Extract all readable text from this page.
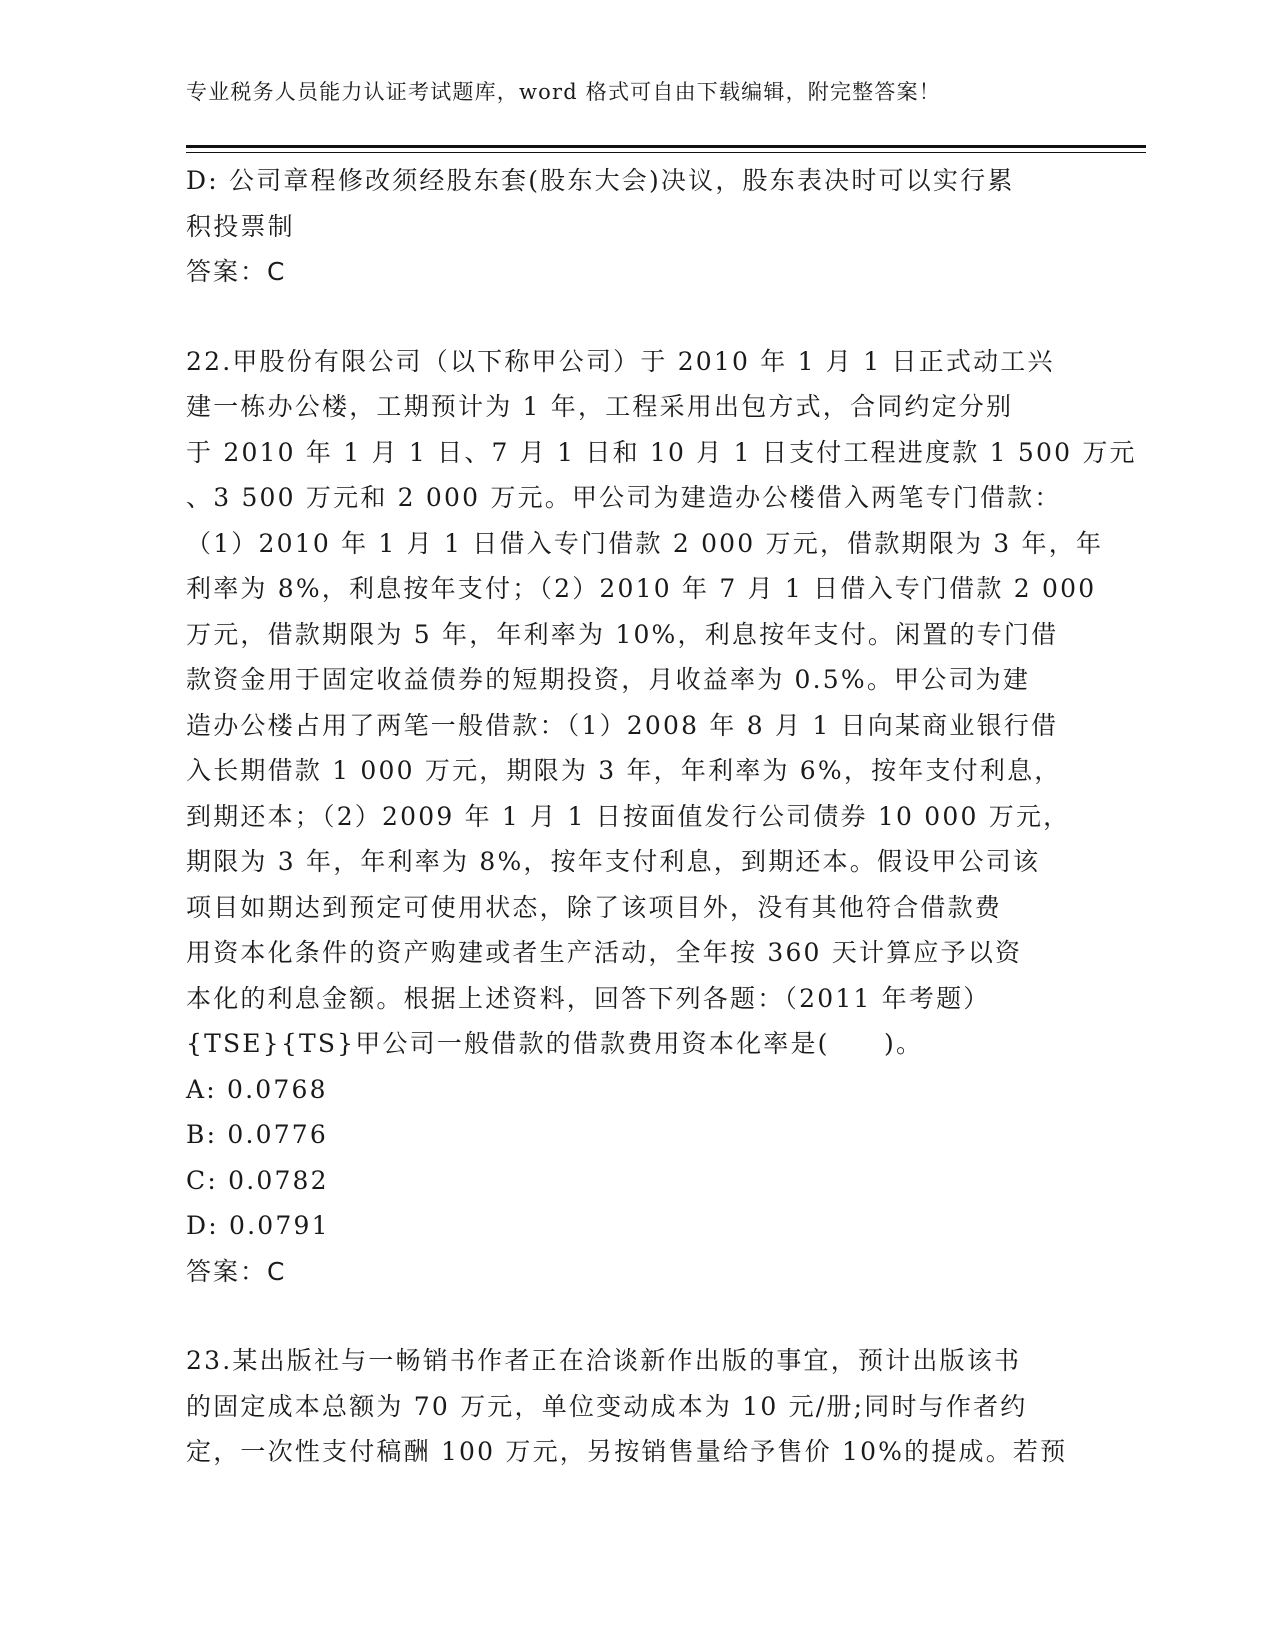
专业税务人员能力认证考试题库，word 格式可自由下载编辑，附完整答案！
D: 公司章程修改须经股东套(股东大会)决议，股东表决时可以实行累
积投票制
答案：C
22.甲股份有限公司（以下称甲公司）于 2010 年 1 月 1 日正式动工兴
建一栋办公楼，工期预计为 1 年，工程采用出包方式，合同约定分别
于 2010 年 1 月 1 日、7 月 1 日和 10 月 1 日支付工程进度款 1 500 万元
、3 500 万元和 2 000 万元。甲公司为建造办公楼借入两笔专门借款：
（1）2010 年 1 月 1 日借入专门借款 2 000 万元，借款期限为 3 年，年
利率为 8%，利息按年支付；（2）2010 年 7 月 1 日借入专门借款 2 000
万元，借款期限为 5 年，年利率为 10%，利息按年支付。闲置的专门借
款资金用于固定收益债券的短期投资，月收益率为 0.5%。甲公司为建
造办公楼占用了两笔一般借款：（1）2008 年 8 月 1 日向某商业银行借
入长期借款 1 000 万元，期限为 3 年，年利率为 6%，按年支付利息，
到期还本；（2）2009 年 1 月 1 日按面值发行公司债券 10 000 万元，
期限为 3 年，年利率为 8%，按年支付利息，到期还本。假设甲公司该
项目如期达到预定可使用状态，除了该项目外，没有其他符合借款费
用资本化条件的资产购建或者生产活动，全年按 360 天计算应予以资
本化的利息金额。根据上述资料，回答下列各题：（2011 年考题）
{TSE}{TS}甲公司一般借款的借款费用资本化率是(　　)。
A: 0.0768
B: 0.0776
C: 0.0782
D: 0.0791
答案：C
23.某出版社与一畅销书作者正在洽谈新作出版的事宜，预计出版该书
的固定成本总额为 70 万元，单位变动成本为 10 元/册;同时与作者约
定，一次性支付稿酬 100 万元，另按销售量给予售价 10%的提成。若预
